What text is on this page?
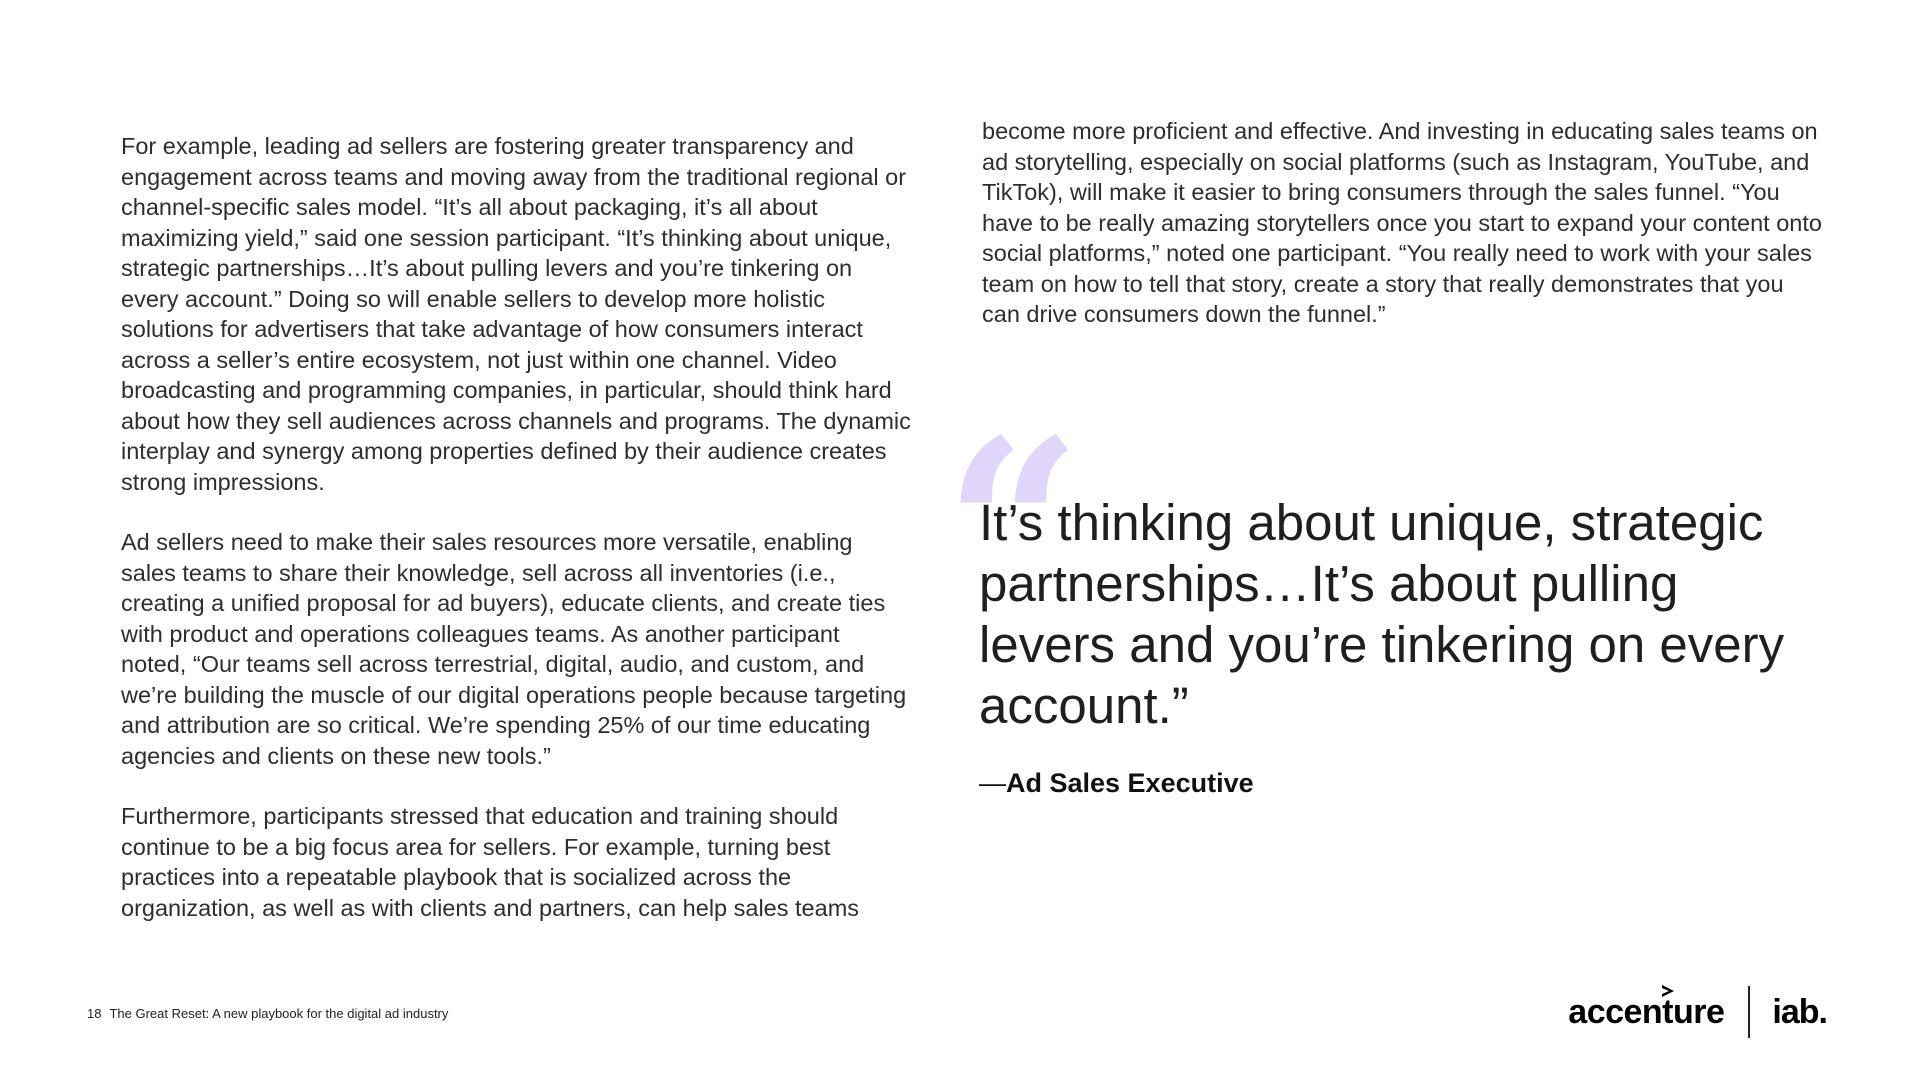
For example, leading ad sellers are fostering greater transparency and engagement across teams and moving away from the traditional regional or channel-specific sales model. “It’s all about packaging, it’s all about maximizing yield,” said one session participant. “It’s thinking about unique, strategic partnerships…It’s about pulling levers and you’re tinkering on every account.” Doing so will enable sellers to develop more holistic solutions for advertisers that take advantage of how consumers interact across a seller’s entire ecosystem, not just within one channel. Video broadcasting and programming companies, in particular, should think hard about how they sell audiences across channels and programs. The dynamic interplay and synergy among properties defined by their audience creates strong impressions.

Ad sellers need to make their sales resources more versatile, enabling sales teams to share their knowledge, sell across all inventories (i.e., creating a unified proposal for ad buyers), educate clients, and create ties with product and operations colleagues teams. As another participant noted, “Our teams sell across terrestrial, digital, audio, and custom, and we’re building the muscle of our digital operations people because targeting and attribution are so critical. We’re spending 25% of our time educating agencies and clients on these new tools.”

Furthermore, participants stressed that education and training should continue to be a big focus area for sellers. For example, turning best practices into a repeatable playbook that is socialized across the organization, as well as with clients and partners, can help sales teams

become more proficient and effective. And investing in educating sales teams on ad storytelling, especially on social platforms (such as Instagram, YouTube, and TikTok), will make it easier to bring consumers through the sales funnel. “You have to be really amazing storytellers once you start to expand your content onto social platforms,” noted one participant. “You really need to work with your sales team on how to tell that story, create a story that really demonstrates that you can drive consumers down the funnel.”

“

It’s thinking about unique, strategic partnerships…It’s about pulling levers and you’re tinkering on every account.”

—Ad Sales Executive
18 The Great Reset: A new playbook for the digital ad industry	accenture iab.
